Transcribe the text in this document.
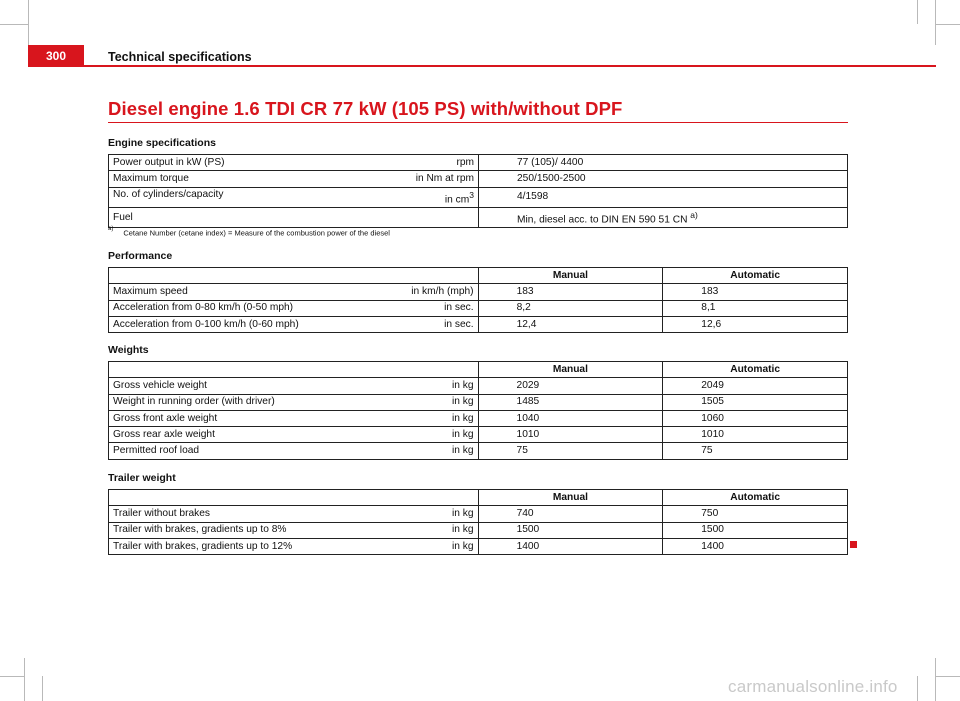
300	Technical specifications
Diesel engine 1.6 TDI CR 77 kW (105 PS) with/without DPF
Engine specifications
Power output in kW (PS) rpm	77 (105)/ 4400

Maximum torque in Nm at rpm	250/1500-2500

No. of cylinders/capacity in $cm^3$	4/1598

Fuel	Min, diesel acc. to DIN EN 590 51 CN $^{a)}$
$^{a)}$ Cetane Number (cetane index) = Measure of the combustion power of the diesel
Performance
	Manual	Automatic

Maximum speed in km/h (mph)	183	183

Acceleration from 0-80 km/h (0-50 mph) in sec.	8,2	8,1

Acceleration from 0-100 km/h (0-60 mph) in sec.	12,4	12,6
Weights
	Manual	Automatic

Gross vehicle weight in kg	2029	2049

Weight in running order (with driver) in kg	1485	1505

Gross front axle weight in kg	1040	1060

Gross rear axle weight in kg	1010	1010

Permitted roof load in kg	75	75
Trailer weight
	Manual	Automatic

Trailer without brakes in kg	740	750

Trailer with brakes, gradients up to 8% in kg	1500	1500

Trailer with brakes, gradients up to 12% in kg	1400	1400
carmanualsonline.info
